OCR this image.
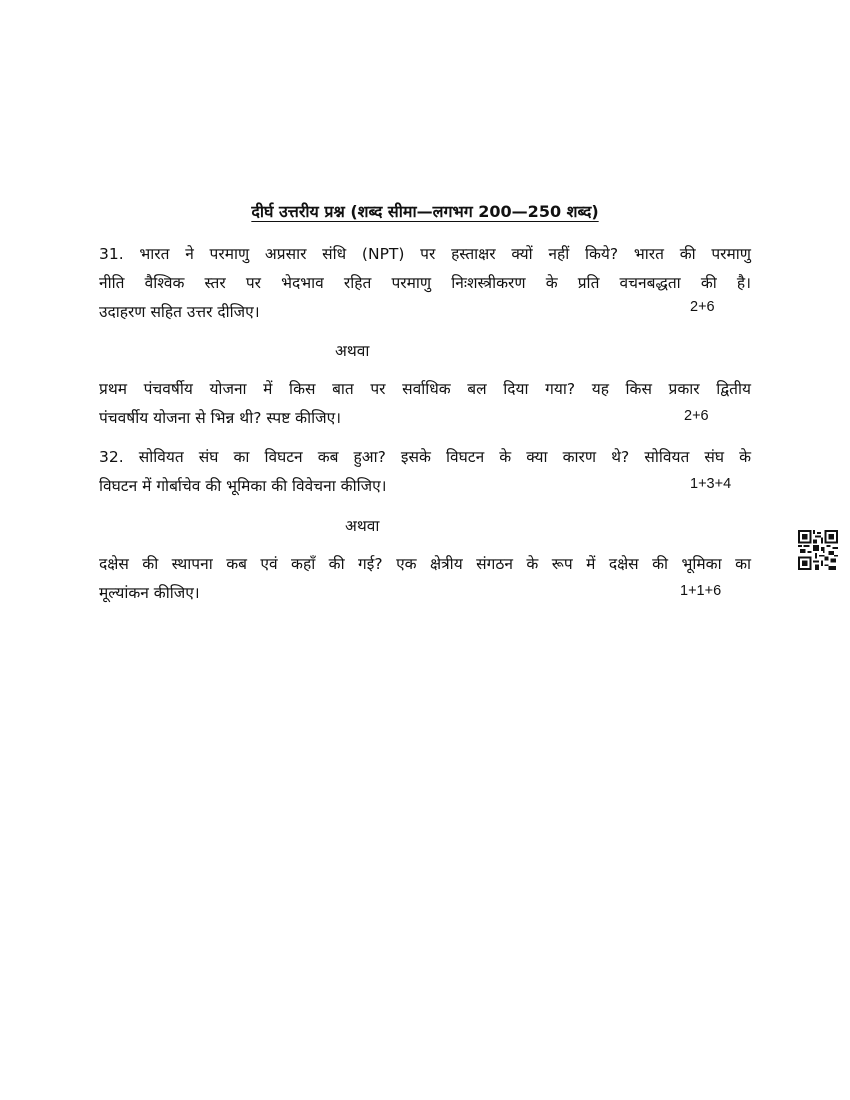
दीर्घ उत्तरीय प्रश्न (शब्द सीमा—लगभग 200—250 शब्द)
31. भारत ने परमाणु अप्रसार संधि (NPT) पर हस्ताक्षर क्यों नहीं किये? भारत की परमाणु
नीति वैश्विक स्तर पर भेदभाव रहित परमाणु निःशस्त्रीकरण के प्रति वचनबद्धता की है।
उदाहरण सहित उत्तर दीजिए।	2+6
अथवा
प्रथम पंचवर्षीय योजना में किस बात पर सर्वाधिक बल दिया गया? यह किस प्रकार द्वितीय
पंचवर्षीय योजना से भिन्न थी? स्पष्ट कीजिए।	2+6
32. सोवियत संघ का विघटन कब हुआ? इसके विघटन के क्या कारण थे? सोवियत संघ के
विघटन में गोर्बाचेव की भूमिका की विवेचना कीजिए।	1+3+4
अथवा
दक्षेस की स्थापना कब एवं कहाँ की गई? एक क्षेत्रीय संगठन के रूप में दक्षेस की भूमिका का
मूल्यांकन कीजिए।	1+1+6
